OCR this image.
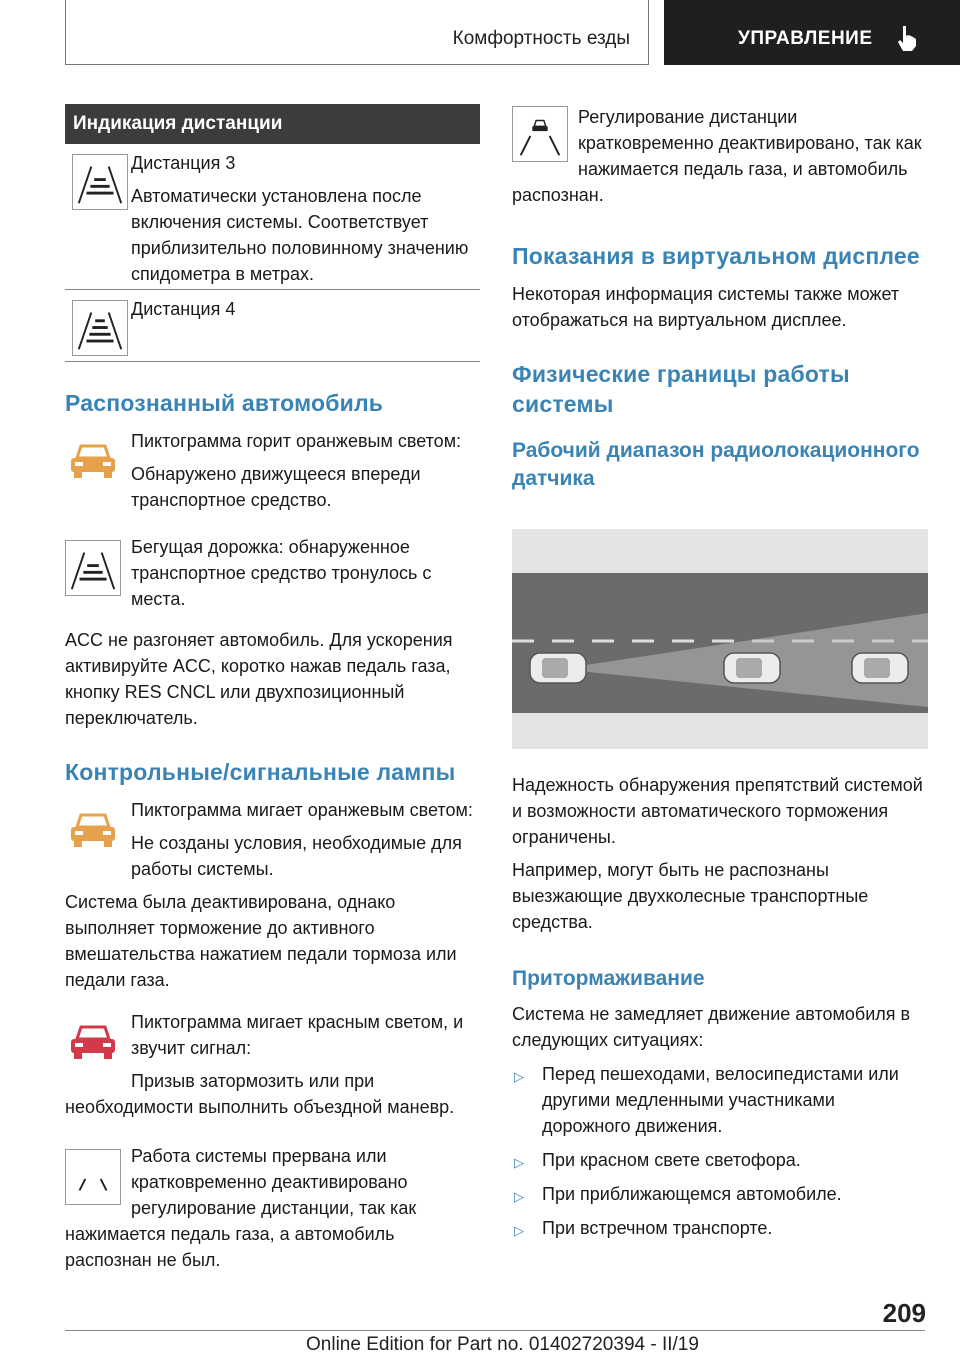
Комфортность езды	УПРАВЛЕНИЕ
Индикация дистанции

Дистанция 3

Автоматически установлена после включения системы. Соответствует приблизительно половинному значению спидометра в метрах.

Дистанция 4

Распознанный автомобиль

Пиктограмма горит оранжевым светом:

Обнаружено движущееся впереди транспортное средство.

Бегущая дорожка: обнаруженное транспортное средство тронулось с места.

ACC не разгоняет автомобиль. Для ускорения активируйте ACC, коротко нажав педаль газа, кнопку RES CNCL или двухпозиционный переключатель.

Контрольные/сигнальные лампы

Пиктограмма мигает оранжевым светом:

Не созданы условия, необходимые для работы системы.

Система была деактивирована, однако выполняет торможение до активного вмешательства нажатием педали тормоза или педали газа.

Пиктограмма мигает красным светом, и звучит сигнал:

Призыв затормозить или при необходимости выполнить объездной маневр.

Работа системы прервана или кратковременно деактивировано регулирование дистанции, так как нажимается педаль газа, а автомобиль распознан не был.

Регулирование дистанции кратковременно деактивировано, так как нажимается педаль газа, и автомобиль распознан.

Показания в виртуальном дисплее

Некоторая информация системы также может отображаться на виртуальном дисплее.

Физические границы работы системы
Рабочий диапазон радиолокационного датчика

Надежность обнаружения препятствий системой и возможности автоматического торможения ограничены.

Например, могут быть не распознаны выезжающие двухколесные транспортные средства.

Притормаживание

Система не замедляет движение автомобиля в следующих ситуациях:

▷ Перед пешеходами, велосипедистами или другими медленными участниками дорожного движения.
▷ При красном свете светофора.
▷ При приближающемся автомобиле.
▷ При встречном транспорте.
209
Online Edition for Part no. 01402720394 - II/19
